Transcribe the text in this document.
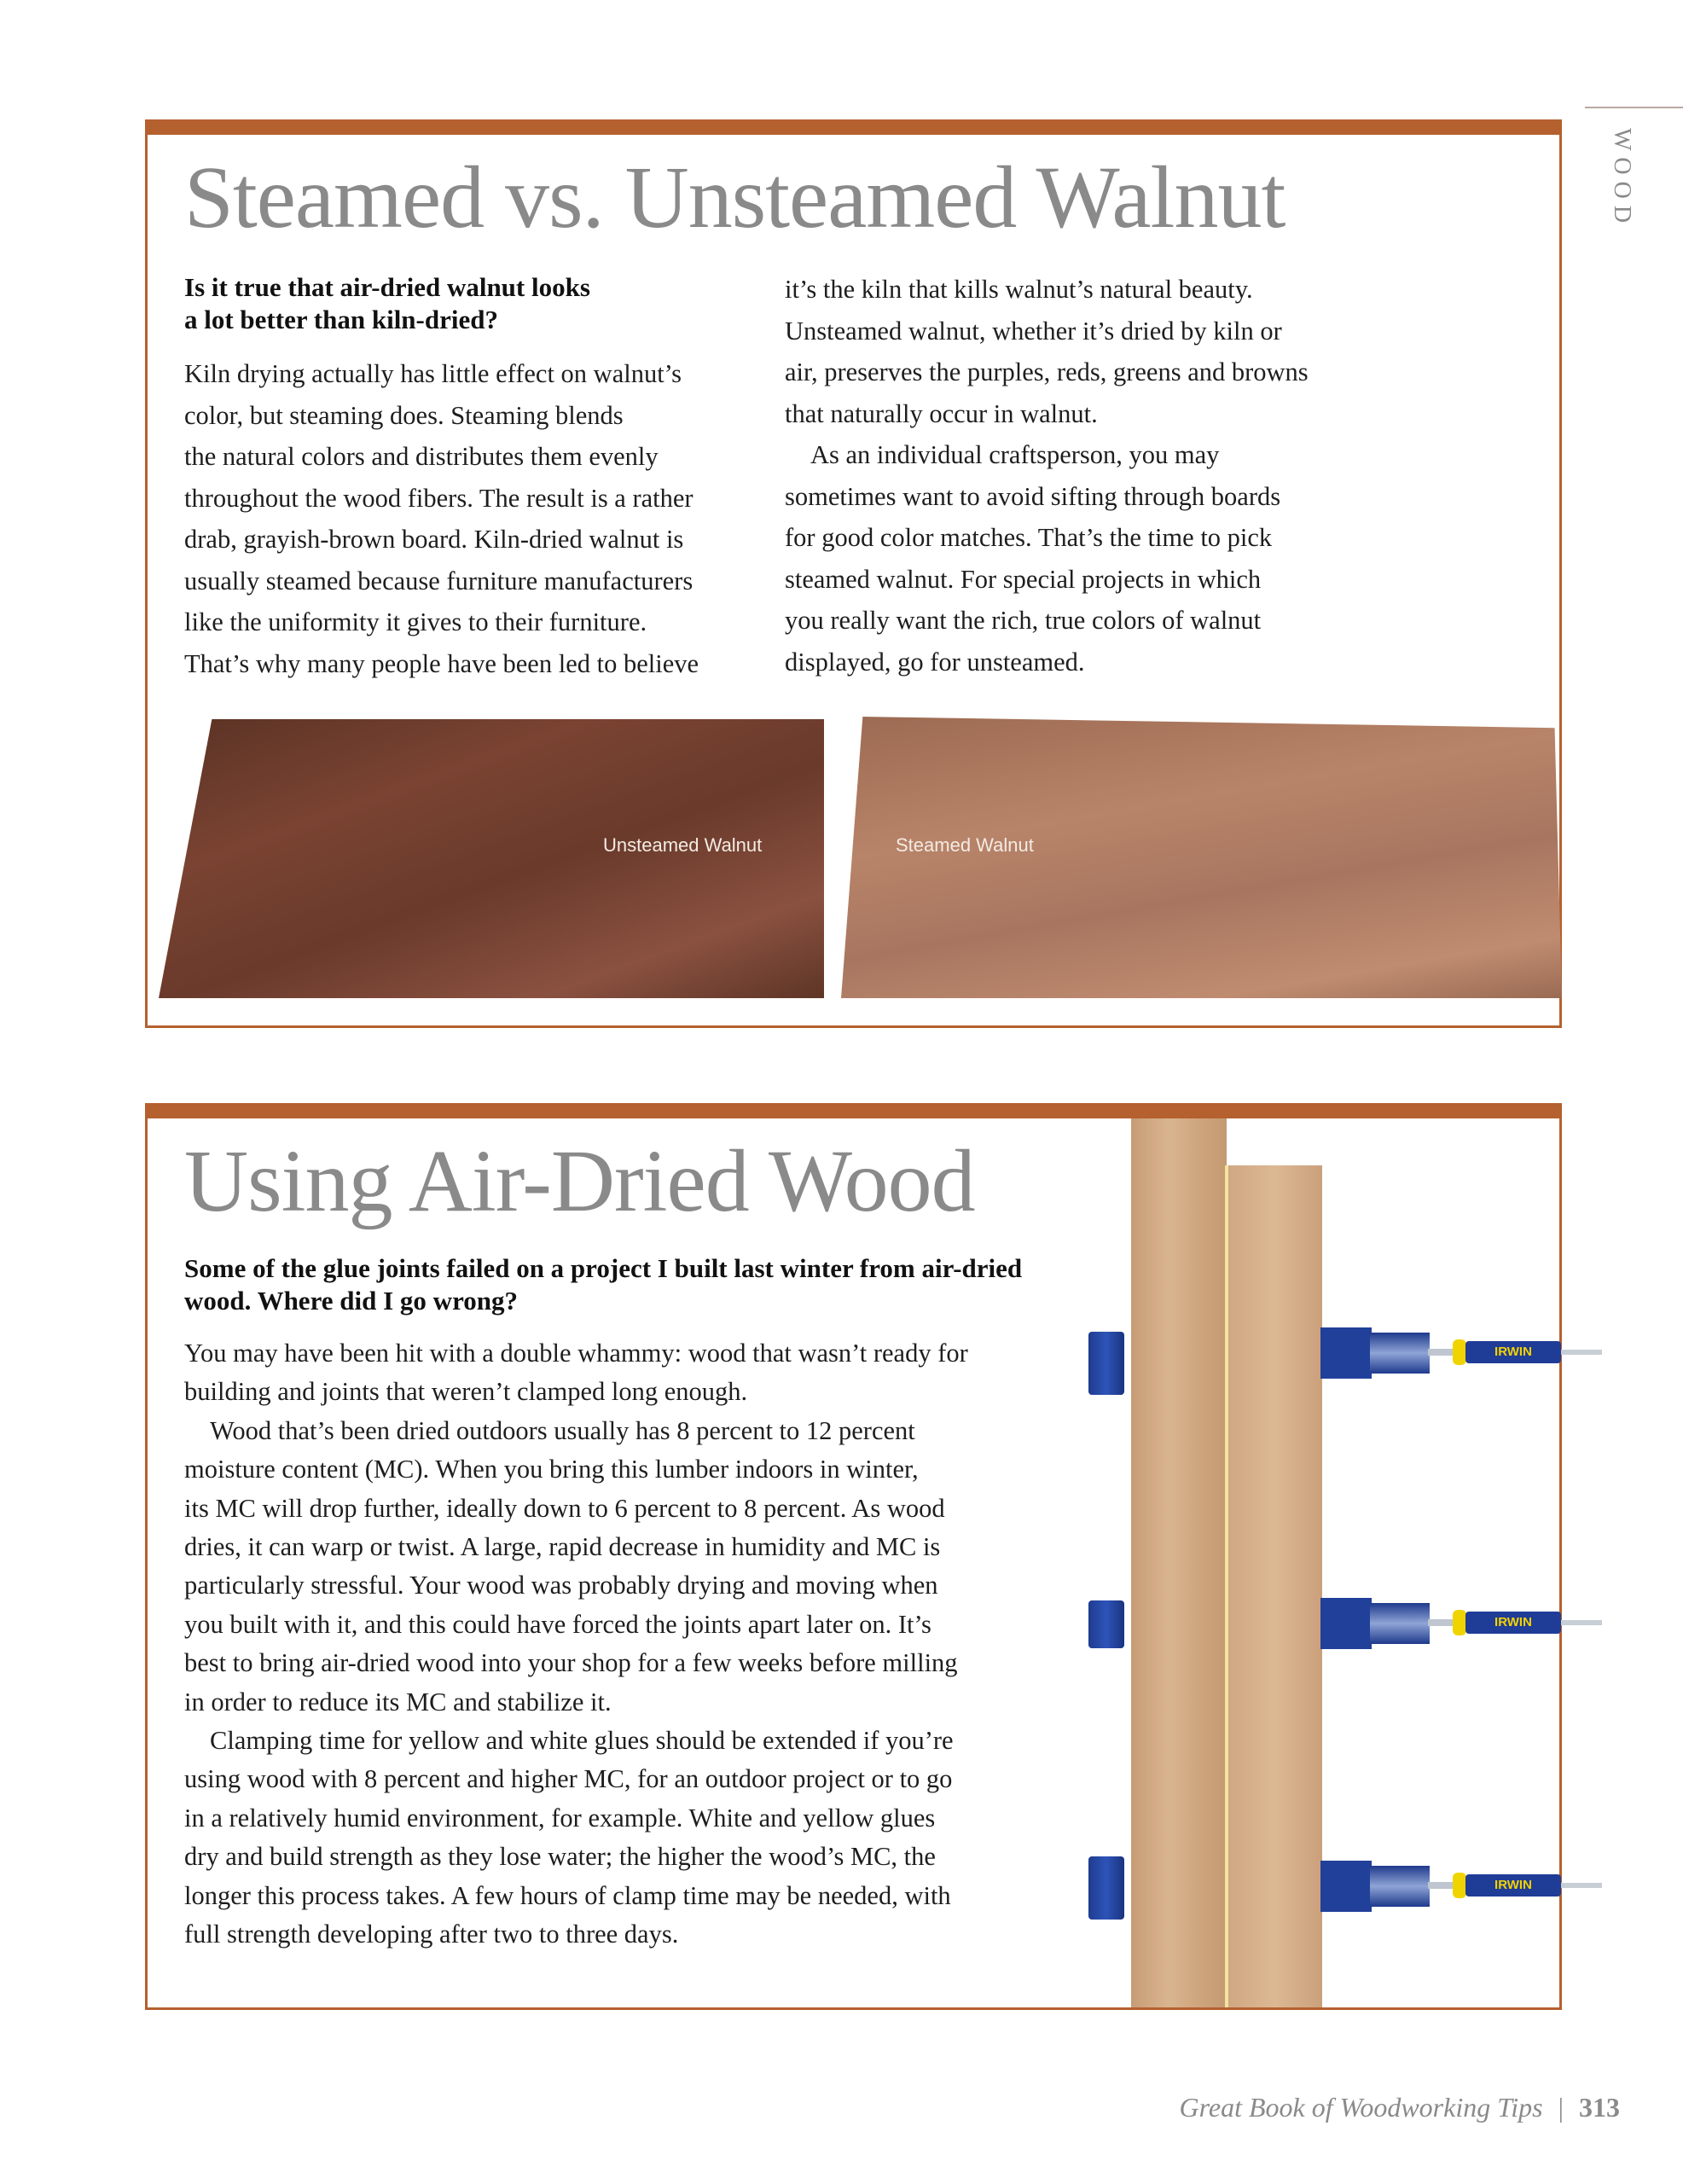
WOOD
Steamed vs. Unsteamed Walnut
Is it true that air-dried walnut looks
a lot better than kiln-dried?

Kiln drying actually has little effect on walnut’s

color, but steaming does. Steaming blends

the natural colors and distributes them evenly

throughout the wood fibers. The result is a rather

drab, grayish-brown board. Kiln-dried walnut is

usually steamed because furniture manufacturers

like the uniformity it gives to their furniture.

That’s why many people have been led to believe

it’s the kiln that kills walnut’s natural beauty.

Unsteamed walnut, whether it’s dried by kiln or

air, preserves the purples, reds, greens and browns

that naturally occur in walnut.

As an individual craftsperson, you may

sometimes want to avoid sifting through boards

for good color matches. That’s the time to pick

steamed walnut. For special projects in which

you really want the rich, true colors of walnut

displayed, go for unsteamed.

Unsteamed Walnut	Steamed Walnut
Using Air-Dried Wood
Some of the glue joints failed on a project I built last winter from air-dried
wood. Where did I go wrong?

You may have been hit with a double whammy: wood that wasn’t ready for

building and joints that weren’t clamped long enough.

Wood that’s been dried outdoors usually has 8 percent to 12 percent

moisture content (MC). When you bring this lumber indoors in winter,

its MC will drop further, ideally down to 6 percent to 8 percent. As wood

dries, it can warp or twist. A large, rapid decrease in humidity and MC is

particularly stressful. Your wood was probably drying and moving when

you built with it, and this could have forced the joints apart later on. It’s

best to bring air-dried wood into your shop for a few weeks before milling

in order to reduce its MC and stabilize it.

Clamping time for yellow and white glues should be extended if you’re

using wood with 8 percent and higher MC, for an outdoor project or to go

in a relatively humid environment, for example. White and yellow glues

dry and build strength as they lose water; the higher the wood’s MC, the

longer this process takes. A few hours of clamp time may be needed, with

full strength developing after two to three days.

IRWIN
IRWIN
IRWIN
Great Book of Woodworking Tips | 313
